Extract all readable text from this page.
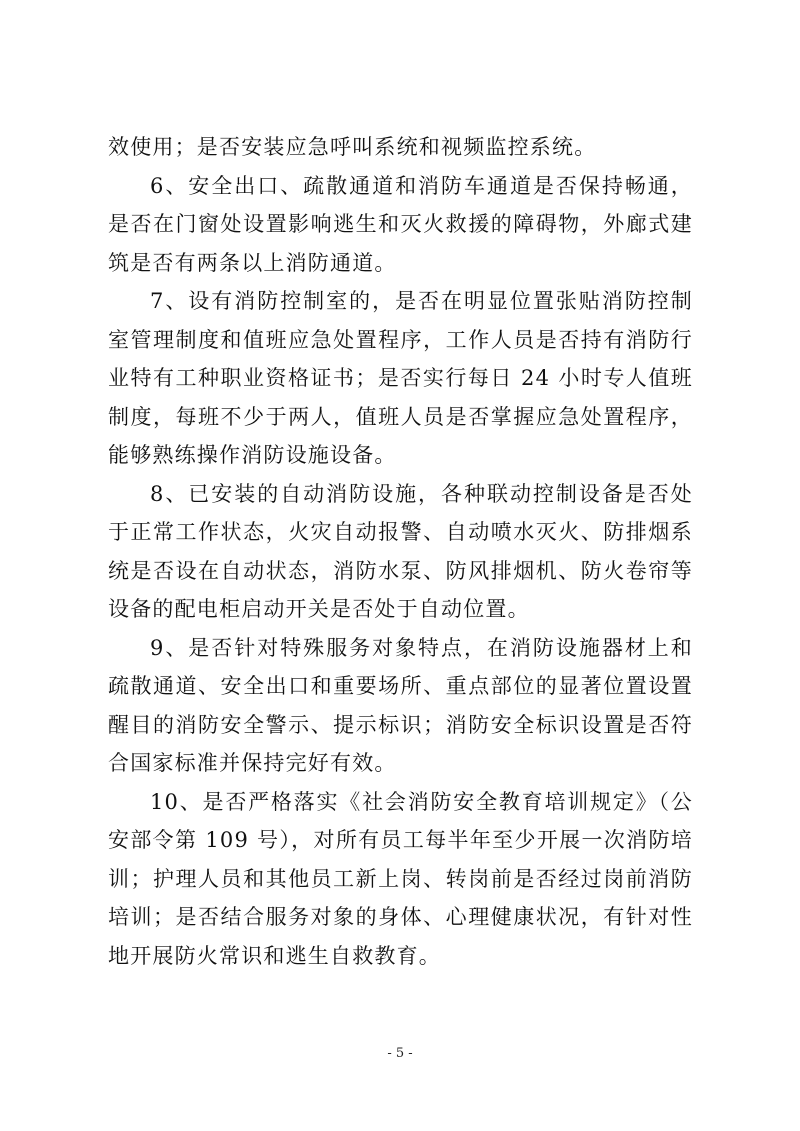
效使用；是否安装应急呼叫系统和视频监控系统。

6、安全出口、疏散通道和消防车通道是否保持畅通，是否在门窗处设置影响逃生和灭火救援的障碍物，外廊式建筑是否有两条以上消防通道。

7、设有消防控制室的，是否在明显位置张贴消防控制室管理制度和值班应急处置程序，工作人员是否持有消防行业特有工种职业资格证书；是否实行每日 24 小时专人值班制度，每班不少于两人，值班人员是否掌握应急处置程序，能够熟练操作消防设施设备。

8、已安装的自动消防设施，各种联动控制设备是否处于正常工作状态，火灾自动报警、自动喷水灭火、防排烟系统是否设在自动状态，消防水泵、防风排烟机、防火卷帘等设备的配电柜启动开关是否处于自动位置。

9、是否针对特殊服务对象特点，在消防设施器材上和疏散通道、安全出口和重要场所、重点部位的显著位置设置醒目的消防安全警示、提示标识；消防安全标识设置是否符合国家标准并保持完好有效。

10、是否严格落实《社会消防安全教育培训规定》（公安部令第 109 号），对所有员工每半年至少开展一次消防培训；护理人员和其他员工新上岗、转岗前是否经过岗前消防培训；是否结合服务对象的身体、心理健康状况，有针对性地开展防火常识和逃生自救教育。

- 5 -
